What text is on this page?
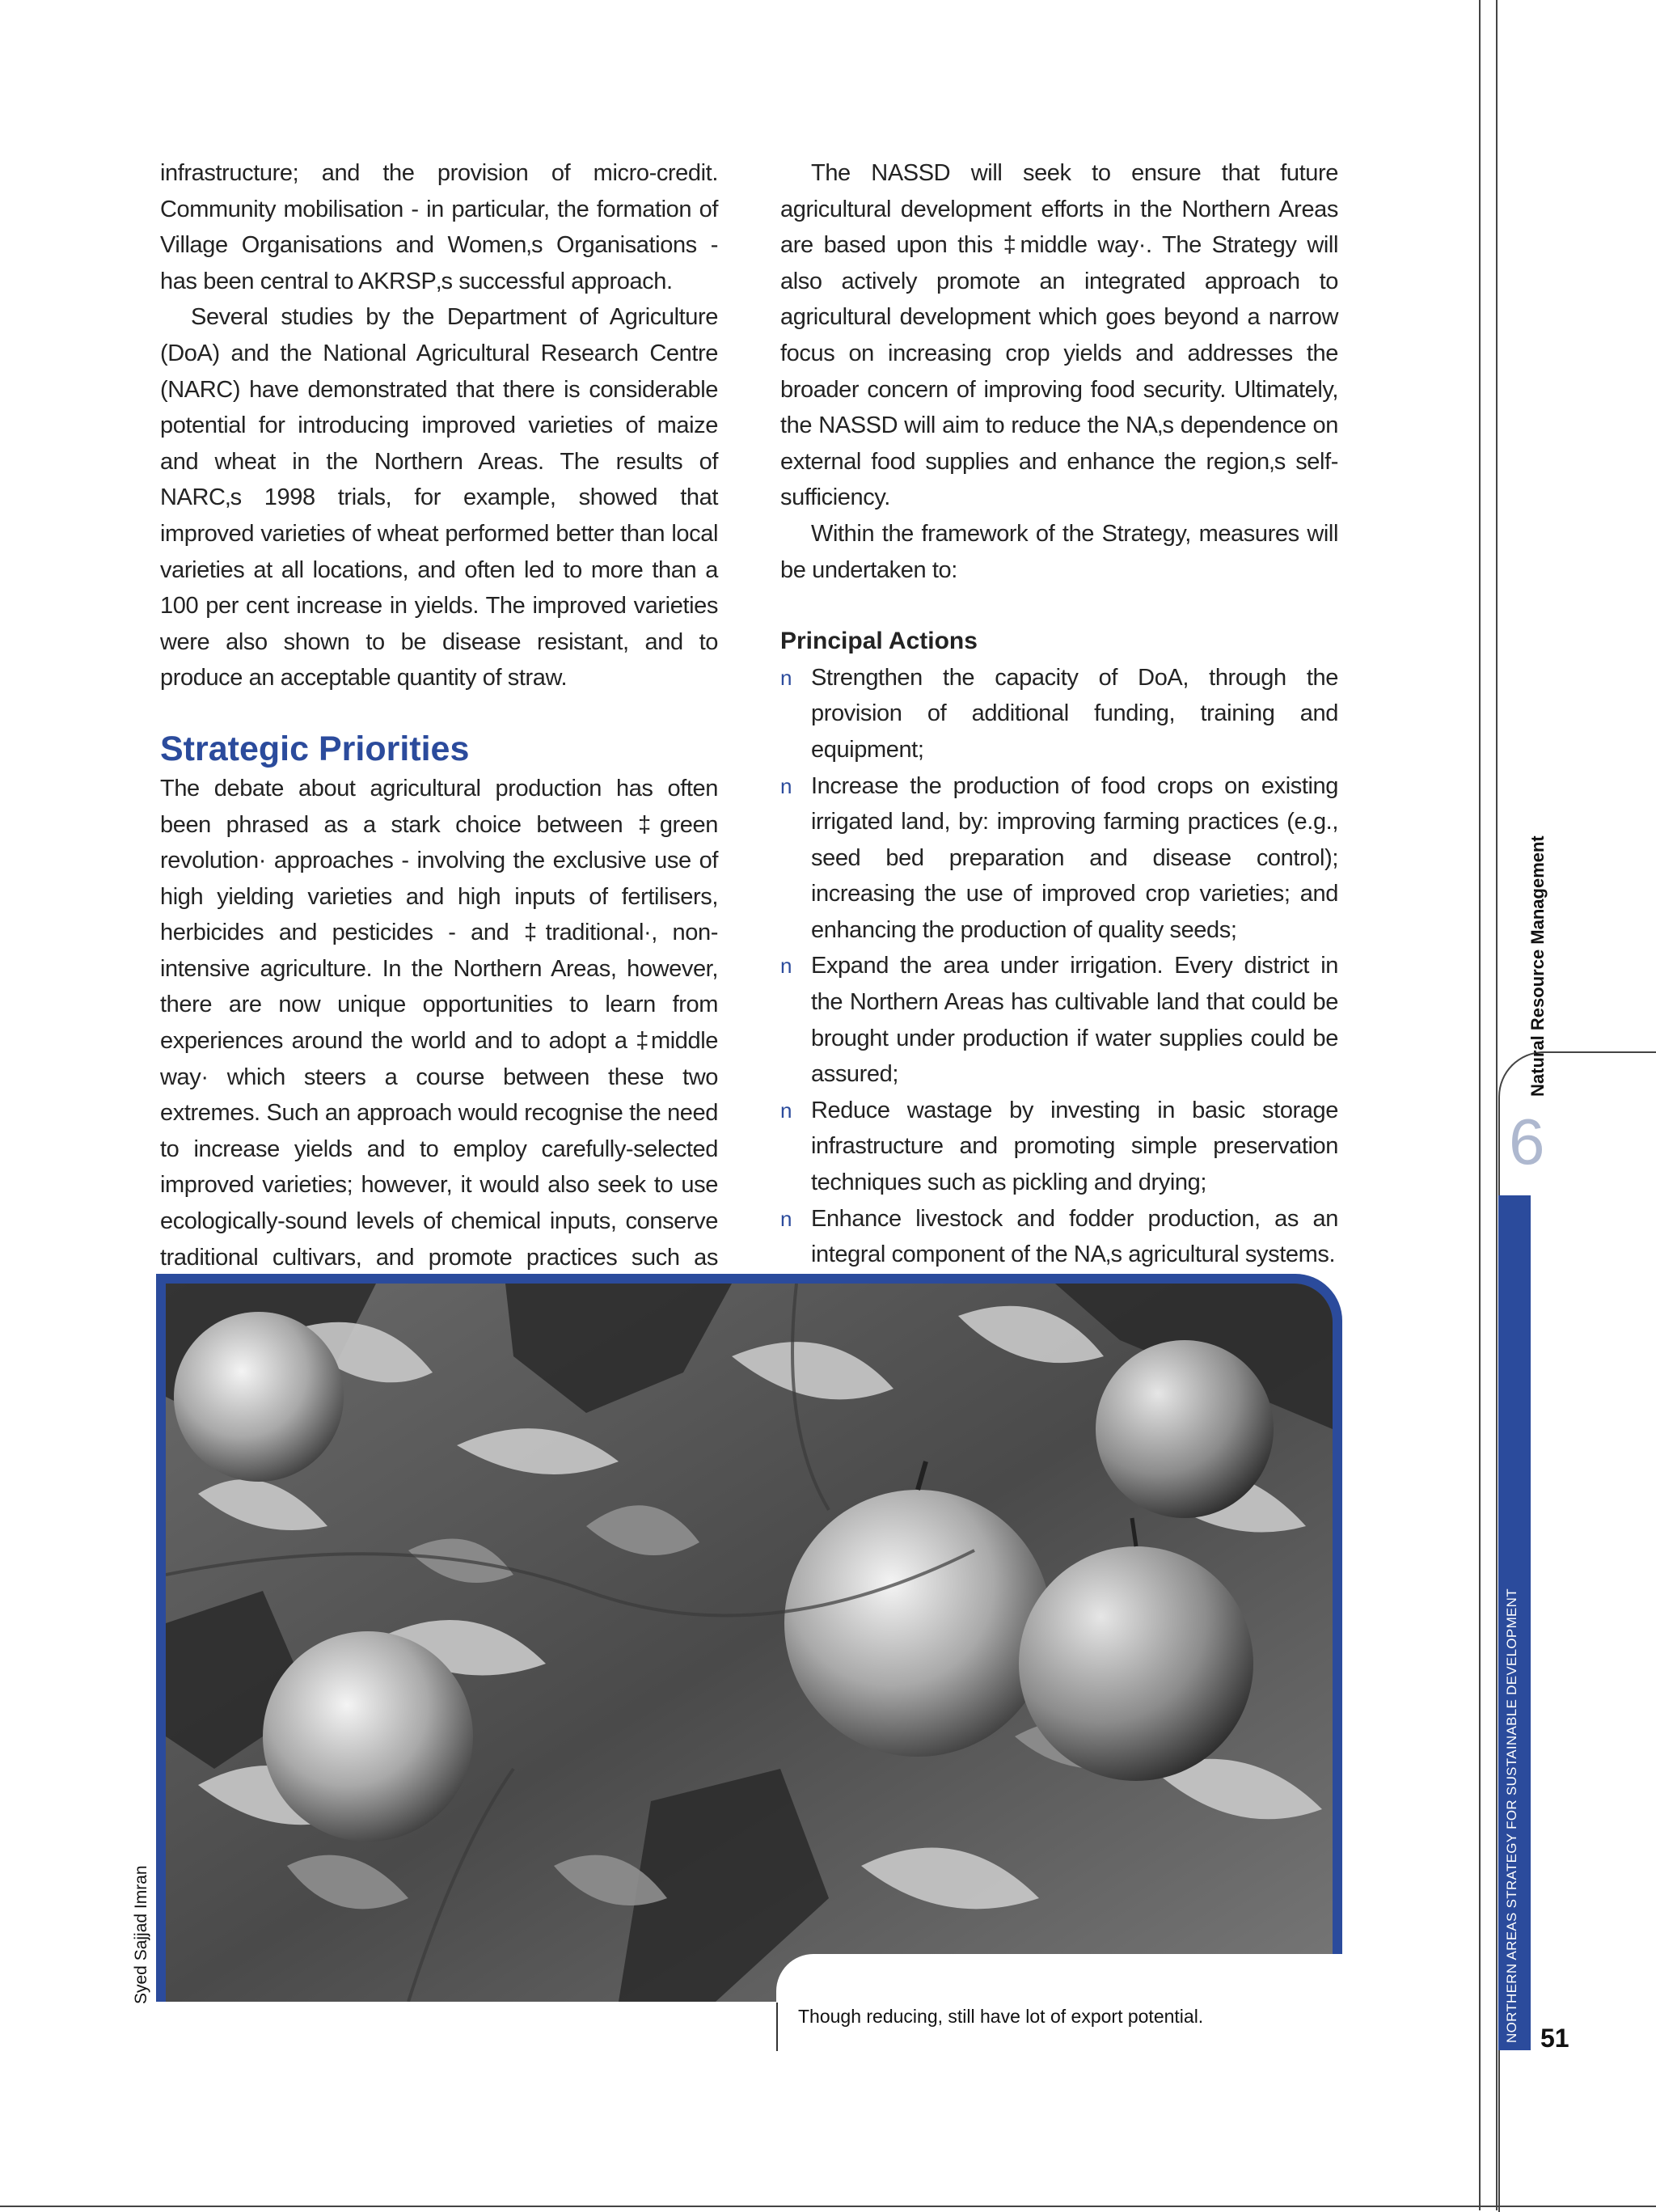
infrastructure; and the provision of micro-credit. Community mobilisation - in particular, the formation of Village Organisations and Women‚s Organisations - has been central to AKRSP‚s successful approach.

Several studies by the Department of Agriculture (DoA) and the National Agricultural Research Centre (NARC) have demonstrated that there is considerable potential for introducing improved varieties of maize and wheat in the Northern Areas. The results of NARC‚s 1998 trials, for example, showed that improved varieties of wheat performed better than local varieties at all locations, and often led to more than a 100 per cent increase in yields. The improved varieties were also shown to be disease resistant, and to produce an acceptable quantity of straw.

Strategic Priorities

The debate about agricultural production has often been phrased as a stark choice between ‡green revolution· approaches - involving the exclusive use of high yielding varieties and high inputs of fertilisers, herbicides and pesticides - and ‡traditional·, non-intensive agriculture. In the Northern Areas, however, there are now unique opportunities to learn from experiences around the world and to adopt a ‡middle way· which steers a course between these two extremes. Such an approach would recognise the need to increase yields and to employ carefully-selected improved varieties; however, it would also seek to use ecologically-sound levels of chemical inputs, conserve traditional cultivars, and promote practices such as

The NASSD will seek to ensure that future agricultural development efforts in the Northern Areas are based upon this ‡middle way·. The Strategy will also actively promote an integrated approach to agricultural development which goes beyond a narrow focus on increasing crop yields and addresses the broader concern of improving food security. Ultimately, the NASSD will aim to reduce the NA‚s dependence on external food supplies and enhance the region‚s self-sufficiency.

Within the framework of the Strategy, measures will be undertaken to:

Principal Actions
n Strengthen the capacity of DoA, through the provision of additional funding, training and equipment;
n Increase the production of food crops on existing irrigated land, by: improving farming practices (e.g., seed bed preparation and disease control); increasing the use of improved crop varieties; and enhancing the production of quality seeds;
n Expand the area under irrigation. Every district in the Northern Areas has cultivable land that could be brought under production if water supplies could be assured;
n Reduce wastage by investing in basic storage infrastructure and promoting simple preservation techniques such as pickling and drying;
n Enhance livestock and fodder production, as an integral component of the NA‚s agricultural systems.
Though reducing, still have lot of export potential.
Syed Sajjad Imran
Natural Resource Management
6
NORTHERN AREAS STRATEGY FOR SUSTAINABLE DEVELOPMENT 51
